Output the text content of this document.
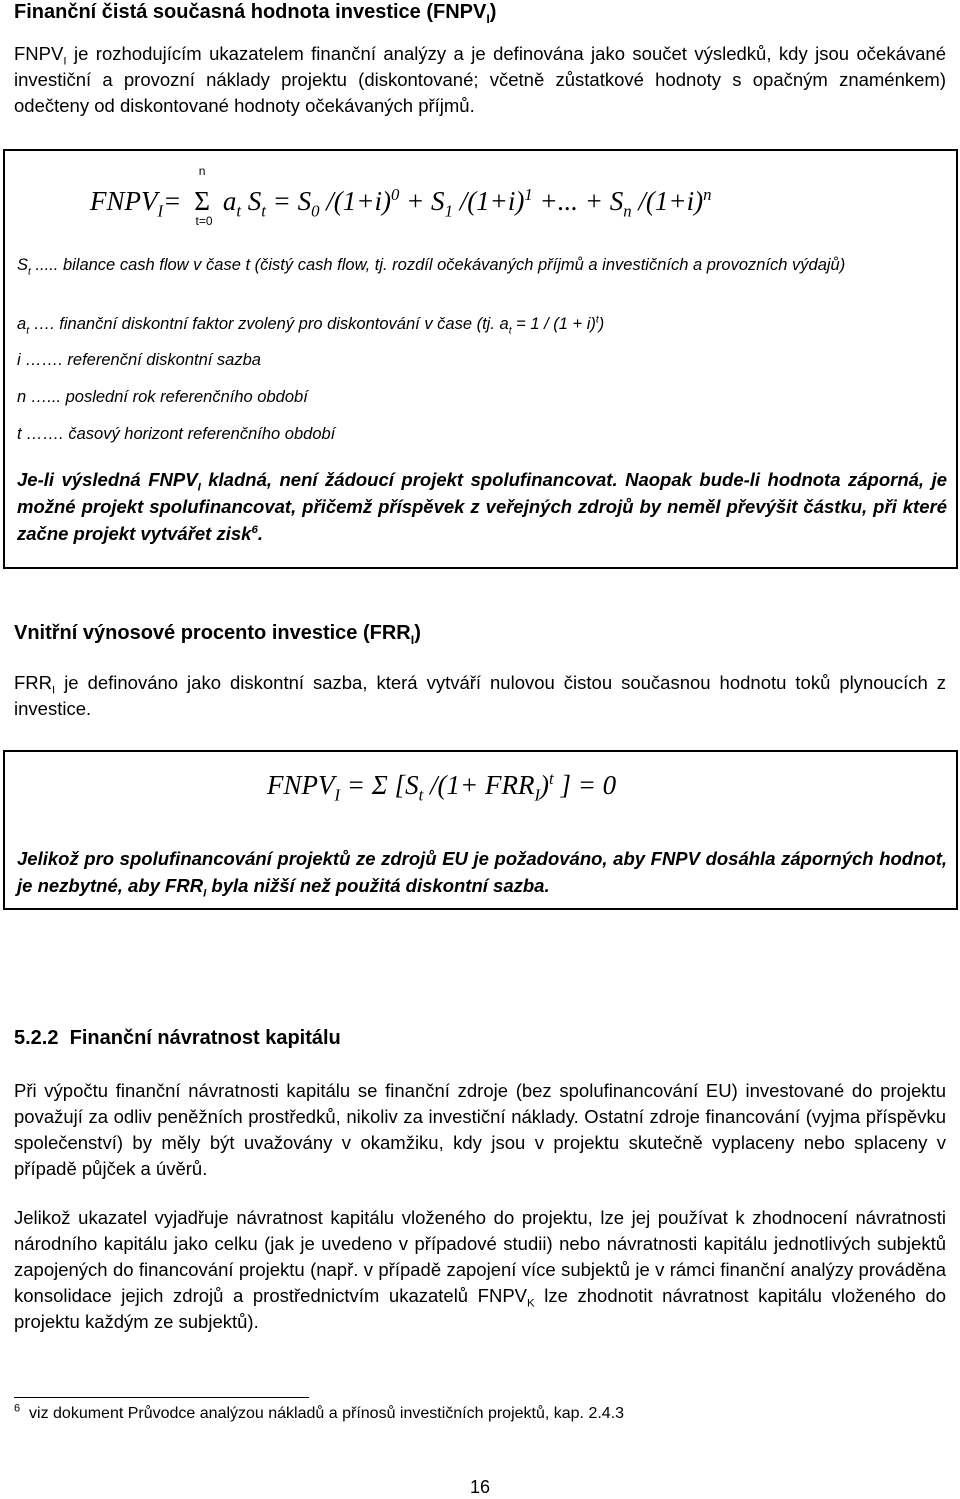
Finanční čistá současná hodnota investice $(FNPV_I)$
$FNPV_I$ je rozhodujícím ukazatelem finanční analýzy a je definována jako součet výsledků, kdy jsou očekávané investiční a provozní náklady projektu (diskontované; včetně zůstatkové hodnoty s opačným znaménkem) odečteny od diskontované hodnoty očekávaných příjmů.
$FNPV_I=$
n
Σ
t=0
$a_t$ $S_t = S_0$ $/(1+i)^0 + S_1$ $/(1+i)^1$ +... + $S_n$ $/(1+i)^n$
$S_t$ ..... bilance cash flow v čase t (čistý cash flow, tj. rozdíl očekávaných příjmů a investičních a provozních výdajů)
$a_t$ …. finanční diskontní faktor zvolený pro diskontování v čase (tj. $a_t = 1 / (1 + i)^t$)
i ……. referenční diskontní sazba
n …... poslední rok referenčního období
t ……. časový horizont referenčního období
Je-li výsledná $FNPV_I$ kladná, není žádoucí projekt spolufinancovat. Naopak bude-li hodnota záporná, je možné projekt spolufinancovat, přičemž příspěvek z veřejných zdrojů by neměl převýšit částku, při které začne projekt vytvářet zisk$^6$.
Vnitřní výnosové procento investice $(FRR_I)$
$FRR_I$ je definováno jako diskontní sazba, která vytváří nulovou čistou současnou hodnotu toků plynoucích z investice.
$FNPV_I = \Sigma$ [$S_t$ $/(1+ FRR_I)^t$ ] = 0
Jelikož pro spolufinancování projektů ze zdrojů EU je požadováno, aby FNPV dosáhla záporných hodnot, je nezbytné, aby $FRR_I$ byla nižší než použitá diskontní sazba.
5.2.2 Finanční návratnost kapitálu
Při výpočtu finanční návratnosti kapitálu se finanční zdroje (bez spolufinancování EU) investované do projektu považují za odliv peněžních prostředků, nikoliv za investiční náklady. Ostatní zdroje financování (vyjma příspěvku společenství) by měly být uvažovány v okamžiku, kdy jsou v projektu skutečně vyplaceny nebo splaceny v případě půjček a úvěrů.
Jelikož ukazatel vyjadřuje návratnost kapitálu vloženého do projektu, lze jej používat k zhodnocení návratnosti národního kapitálu jako celku (jak je uvedeno v případové studii) nebo návratnosti kapitálu jednotlivých subjektů zapojených do financování projektu (např. v případě zapojení více subjektů je v rámci finanční analýzy prováděna konsolidace jejich zdrojů a prostřednictvím ukazatelů $FNPV_K$ lze zhodnotit návratnost kapitálu vloženého do projektu každým ze subjektů).
$^6$ viz dokument Průvodce analýzou nákladů a přínosů investičních projektů, kap. 2.4.3
16
